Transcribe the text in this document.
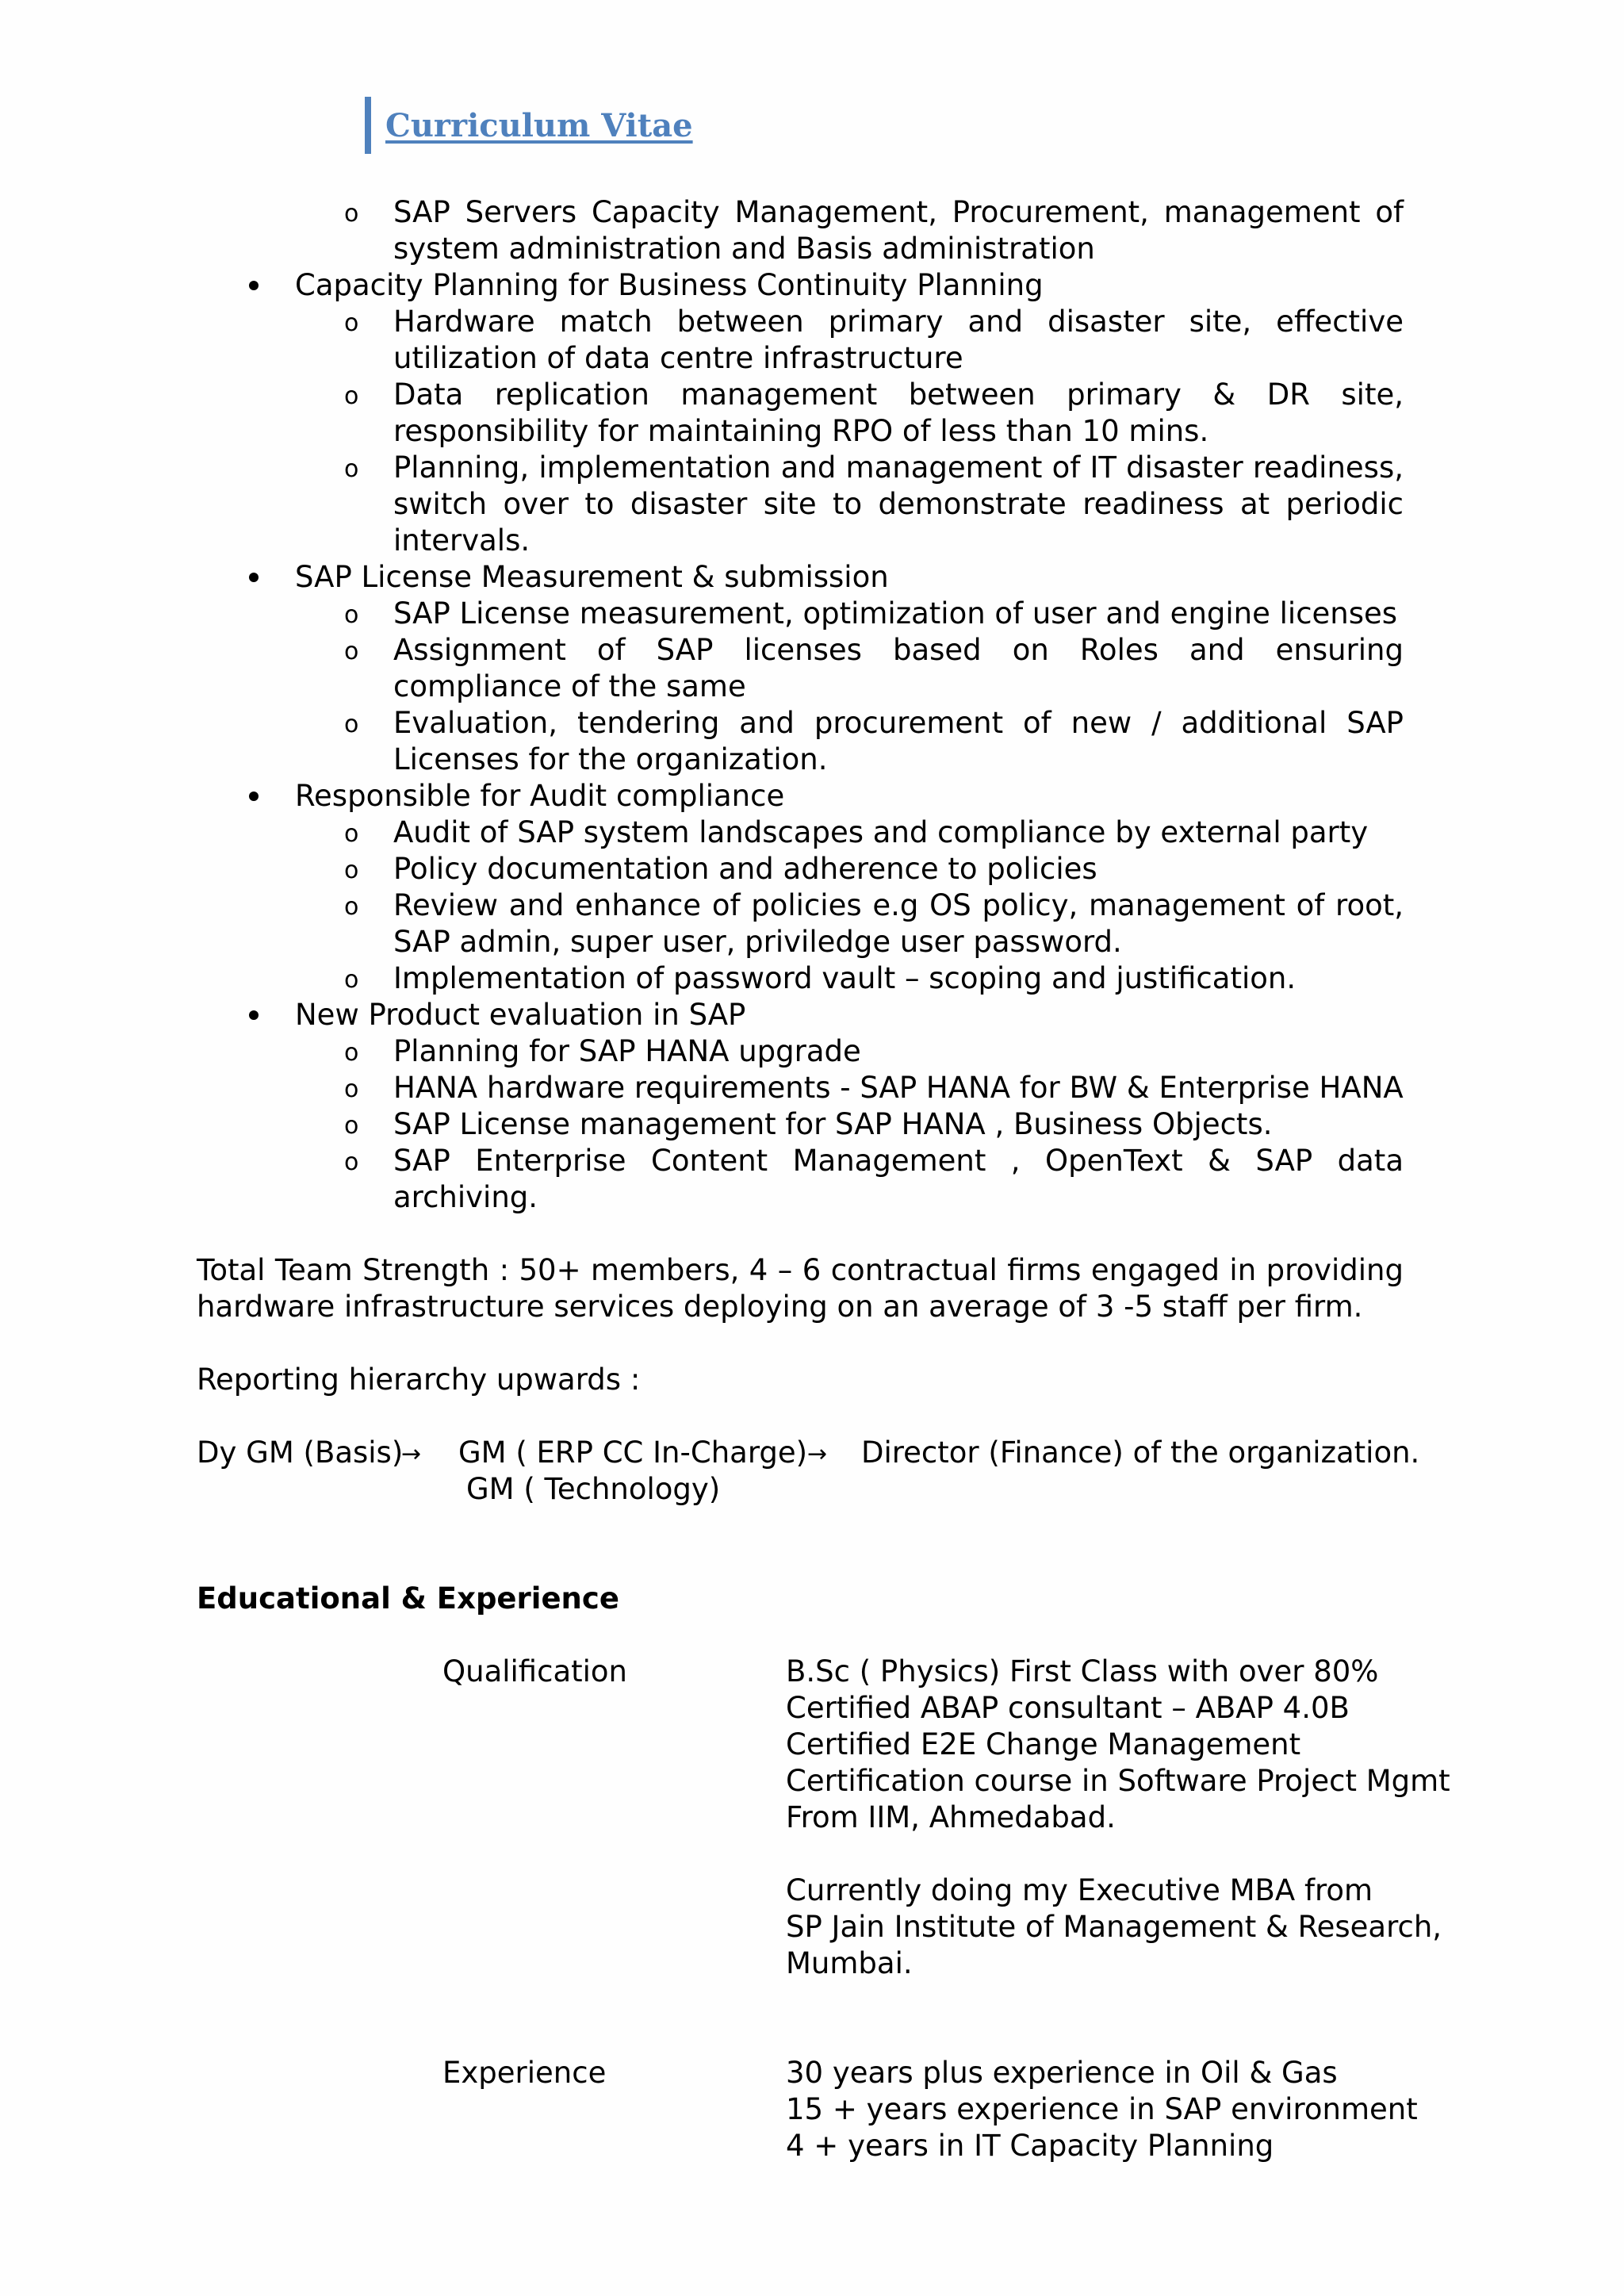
Curriculum Vitae
o SAP Servers Capacity Management, Procurement, management of system administration and Basis administration
Capacity Planning for Business Continuity Planning
o Hardware match between primary and disaster site, effective utilization of data centre infrastructure
o Data replication management between primary & DR site, responsibility for maintaining RPO of less than 10 mins.
o Planning, implementation and management of IT disaster readiness, switch over to disaster site to demonstrate readiness at periodic intervals.
SAP License Measurement & submission
o SAP License measurement, optimization of user and engine licenses
o Assignment of SAP licenses based on Roles and ensuring compliance of the same
o Evaluation, tendering and procurement of new / additional SAP Licenses for the organization.
Responsible for Audit compliance
o Audit of SAP system landscapes and compliance by external party
o Policy documentation and adherence to policies
o Review and enhance of policies e.g OS policy, management of root, SAP admin, super user, priviledge user password.
o Implementation of password vault – scoping and justification.
New Product evaluation in SAP
o Planning for SAP HANA upgrade
o HANA hardware requirements - SAP HANA for BW & Enterprise HANA
o SAP License management for SAP HANA , Business Objects.
o SAP Enterprise Content Management , OpenText & SAP data archiving.
Total Team Strength : 50+ members, 4 – 6 contractual firms engaged in providing hardware infrastructure services deploying on an average of 3 -5 staff per firm.
Reporting hierarchy upwards :
Dy GM (Basis)
→ GM ( ERP CC In-Charge) → Director (Finance) of the organization.
GM ( Technology)
Educational & Experience
Qualification	B.Sc ( Physics) First Class with over 80%
Certified ABAP consultant – ABAP 4.0B
Certified E2E Change Management
Certification course in Software Project Mgmt
From IIM, Ahmedabad.
Currently doing my Executive MBA from
SP Jain Institute of Management & Research,
Mumbai.
Experience	30 years plus experience in Oil & Gas
15 + years experience in SAP environment
4 + years in IT Capacity Planning
